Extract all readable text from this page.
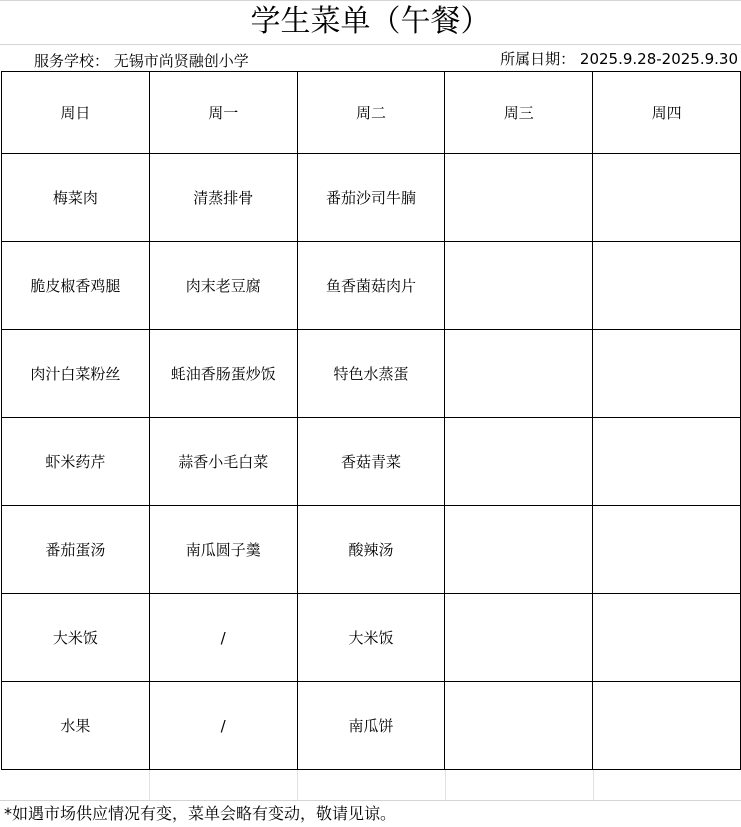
学生菜单（午餐）
服务学校： 无锡市尚贤融创小学	所属日期： 2025.9.28-2025.9.30
周日	周一	周二	周三	周四
梅菜肉	清蒸排骨	番茄沙司牛腩		
脆皮椒香鸡腿	肉末老豆腐	鱼香菌菇肉片		
肉汁白菜粉丝	蚝油香肠蛋炒饭	特色水蒸蛋		
虾米药芹	蒜香小毛白菜	香菇青菜		
番茄蛋汤	南瓜圆子羹	酸辣汤		
大米饭	/	大米饭		
水果	/	南瓜饼		
*如遇市场供应情况有变，菜单会略有变动，敬请见谅。
